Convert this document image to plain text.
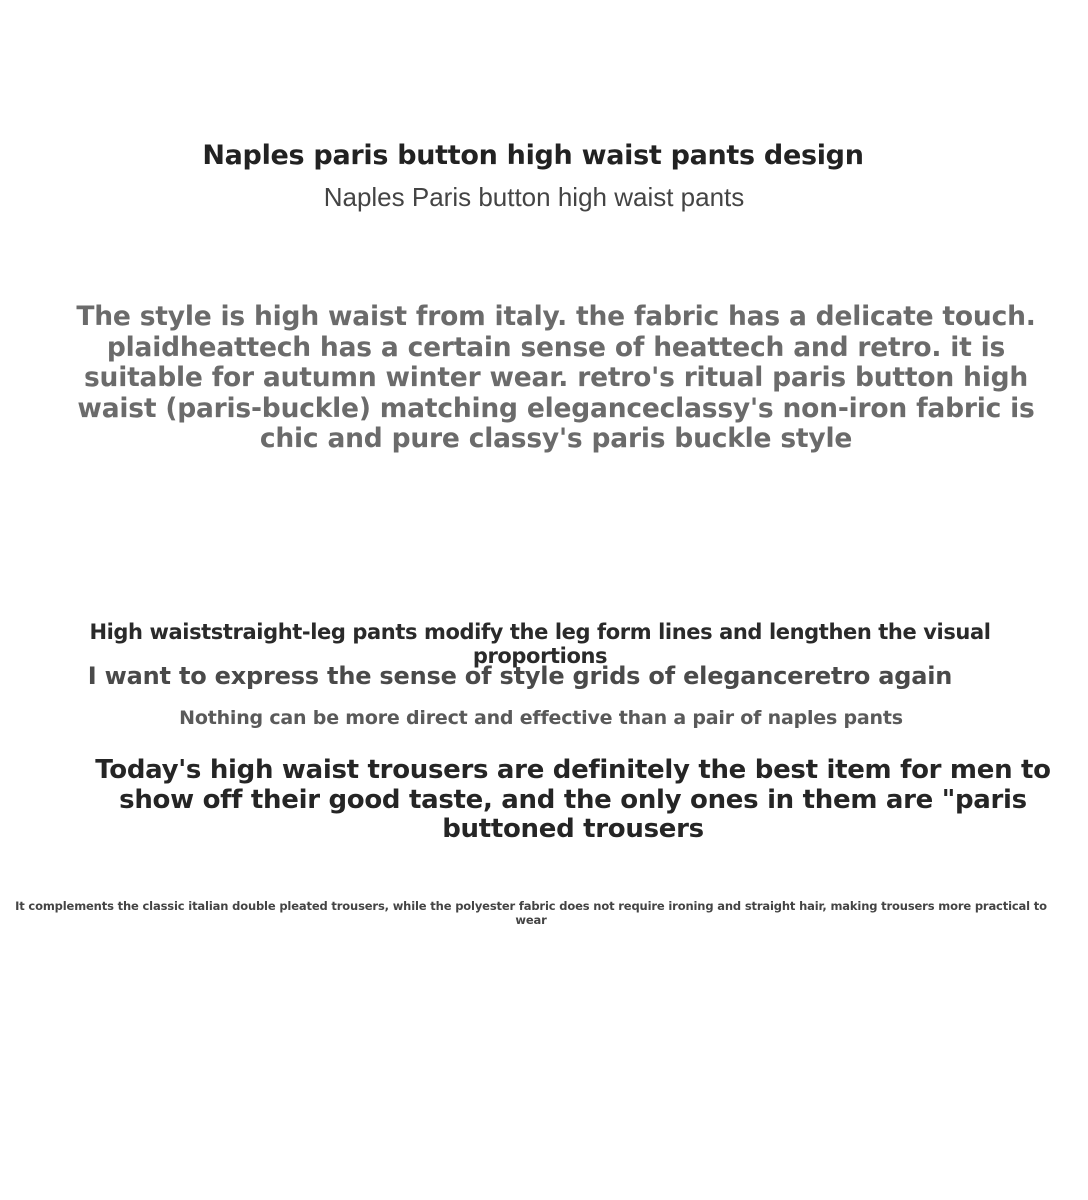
Naples paris button high waist pants design
Naples Paris button high waist pants

The style is high waist from italy. the fabric has a delicate touch. plaidheattech has a certain sense of heattech and retro. it is suitable for autumn winter wear. retro's ritual paris button high waist (paris-buckle) matching eleganceclassy's non-iron fabric is chic and pure classy's paris buckle style

High waiststraight-leg pants modify the leg form lines and lengthen the visual proportions
I want to express the sense of style grids of eleganceretro again
Nothing can be more direct and effective than a pair of naples pants
Today's high waist trousers are definitely the best item for men to show off their good taste, and the only ones in them are "paris buttoned trousers
It complements the classic italian double pleated trousers, while the polyester fabric does not require ironing and straight hair, making trousers more practical to wear
